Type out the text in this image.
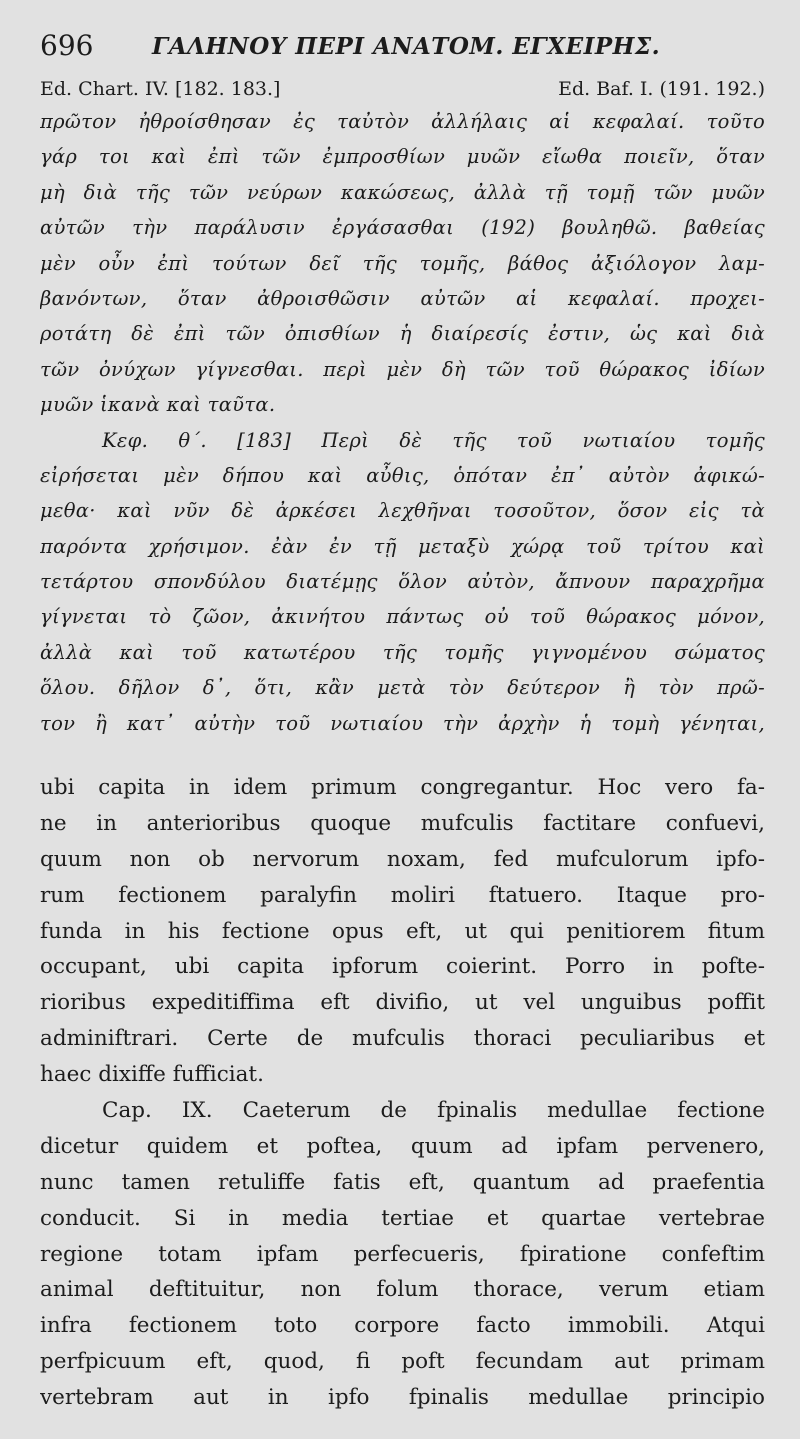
696	ΓΑΛΗΝΟΥ ΠΕΡΙ ΑΝΑΤΟΜ. ΕΓΧΕΙΡΗΣ.
Ed. Chart. IV. [182. 183.]	Ed. Baf. I. (191. 192.)
πρῶτον ἠθροίσθησαν ἐς ταὐτὸν ἀλλήλαις αἱ κεφαλαί. τοῦτο
γάρ τοι καὶ ἐπὶ τῶν ἐμπροσθίων μυῶν εἴωθα ποιεῖν, ὅταν
μὴ διὰ τῆς τῶν νεύρων κακώσεως, ἀλλὰ τῇ τομῇ τῶν μυῶν
αὐτῶν τὴν παράλυσιν ἐργάσασθαι (192) βουληθῶ. βαθείας
μὲν οὖν ἐπὶ τούτων δεῖ τῆς τομῆς, βάθος ἀξιόλογον λαμ-
βανόντων, ὅταν ἀθροισθῶσιν αὐτῶν αἱ κεφαλαί. προχει-
ροτάτη δὲ ἐπὶ τῶν ὀπισθίων ἡ διαίρεσίς ἐστιν, ὡς καὶ διὰ
τῶν ὀνύχων γίγνεσθαι. περὶ μὲν δὴ τῶν τοῦ θώρακος ἰδίων
μυῶν ἱκανὰ καὶ ταῦτα.
Κεφ. θ΄. [183] Περὶ δὲ τῆς τοῦ νωτιαίου τομῆς
εἰρήσεται μὲν δήπου καὶ αὖθις, ὁπόταν ἐπ᾽ αὐτὸν ἀφικώ-
μεθα· καὶ νῦν δὲ ἀρκέσει λεχθῆναι τοσοῦτον, ὅσον εἰς τὰ
παρόντα χρήσιμον. ἐὰν ἐν τῇ μεταξὺ χώρᾳ τοῦ τρίτου καὶ
τετάρτου σπονδύλου διατέμῃς ὅλον αὐτὸν, ἄπνουν παραχρῆμα
γίγνεται τὸ ζῶον, ἀκινήτου πάντως οὐ τοῦ θώρακος μόνον,
ἀλλὰ καὶ τοῦ κατωτέρου τῆς τομῆς γιγνομένου σώματος
ὅλου. δῆλον δ᾽, ὅτι, κἂν μετὰ τὸν δεύτερον ἢ τὸν πρῶ-
τον ἢ κατ᾽ αὐτὴν τοῦ νωτιαίου τὴν ἀρχὴν ἡ τομὴ γένηται,
ubi capita in idem primum congregantur. Hoc vero fa-
ne in anterioribus quoque mufculis factitare confuevi,
quum non ob nervorum noxam, fed mufculorum ipfo-
rum fectionem paralyfin moliri ftatuero. Itaque pro-
funda in his fectione opus eft, ut qui penitiorem fitum
occupant, ubi capita ipforum coierint. Porro in pofte-
rioribus expeditiffima eft divifio, ut vel unguibus poffit
adminiftrari. Certe de mufculis thoraci peculiaribus et
haec dixiffe fufficiat.
Cap. IX. Caeterum de fpinalis medullae fectione
dicetur quidem et poftea, quum ad ipfam pervenero,
nunc tamen retuliffe fatis eft, quantum ad praefentia
conducit. Si in media tertiae et quartae vertebrae
regione totam ipfam perfecueris, fpiratione confeftim
animal deftituitur, non folum thorace, verum etiam
infra fectionem toto corpore facto immobili. Atqui
perfpicuum eft, quod, fi poft fecundam aut primam
vertebram aut in ipfo fpinalis medullae principio
